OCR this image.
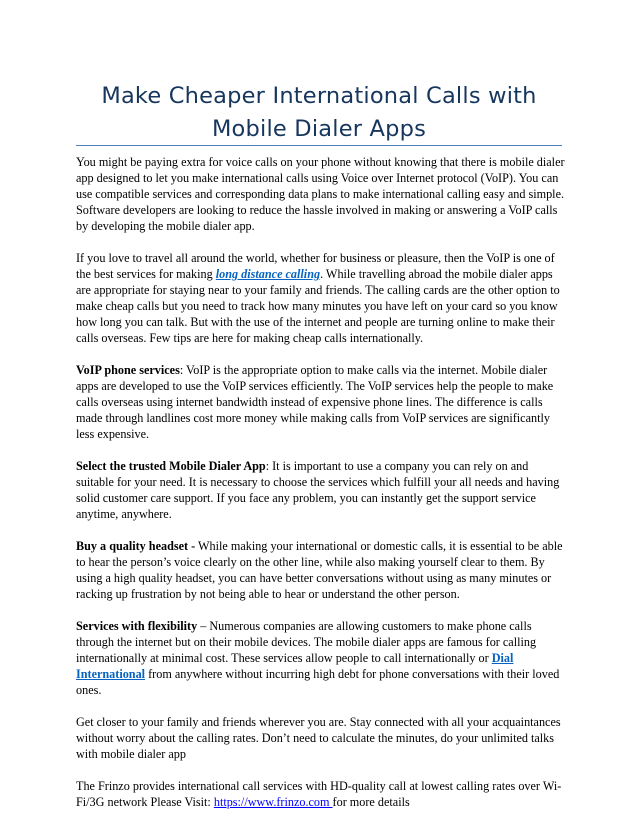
Make Cheaper International Calls with
Mobile Dialer Apps

You might be paying extra for voice calls on your phone without knowing that there is mobile dialer app designed to let you make international calls using Voice over Internet protocol (VoIP). You can use compatible services and corresponding data plans to make international calling easy and simple. Software developers are looking to reduce the hassle involved in making or answering a VoIP calls by developing the mobile dialer app.

If you love to travel all around the world, whether for business or pleasure, then the VoIP is one of the best services for making long distance calling. While travelling abroad the mobile dialer apps are appropriate for staying near to your family and friends. The calling cards are the other option to make cheap calls but you need to track how many minutes you have left on your card so you know how long you can talk. But with the use of the internet and people are turning online to make their calls overseas. Few tips are here for making cheap calls internationally.

VoIP phone services: VoIP is the appropriate option to make calls via the internet. Mobile dialer apps are developed to use the VoIP services efficiently. The VoIP services help the people to make calls overseas using internet bandwidth instead of expensive phone lines. The difference is calls made through landlines cost more money while making calls from VoIP services are significantly less expensive.

Select the trusted Mobile Dialer App: It is important to use a company you can rely on and suitable for your need. It is necessary to choose the services which fulfill your all needs and having solid customer care support. If you face any problem, you can instantly get the support service anytime, anywhere.

Buy a quality headset - While making your international or domestic calls, it is essential to be able to hear the person’s voice clearly on the other line, while also making yourself clear to them. By using a high quality headset, you can have better conversations without using as many minutes or racking up frustration by not being able to hear or understand the other person.

Services with flexibility – Numerous companies are allowing customers to make phone calls through the internet but on their mobile devices. The mobile dialer apps are famous for calling internationally at minimal cost. These services allow people to call internationally or Dial International from anywhere without incurring high debt for phone conversations with their loved ones.

Get closer to your family and friends wherever you are. Stay connected with all your acquaintances without worry about the calling rates. Don’t need to calculate the minutes, do your unlimited talks with mobile dialer app

The Frinzo provides international call services with HD-quality call at lowest calling rates over Wi-Fi/3G network Please Visit: https://www.frinzo.com for more details
